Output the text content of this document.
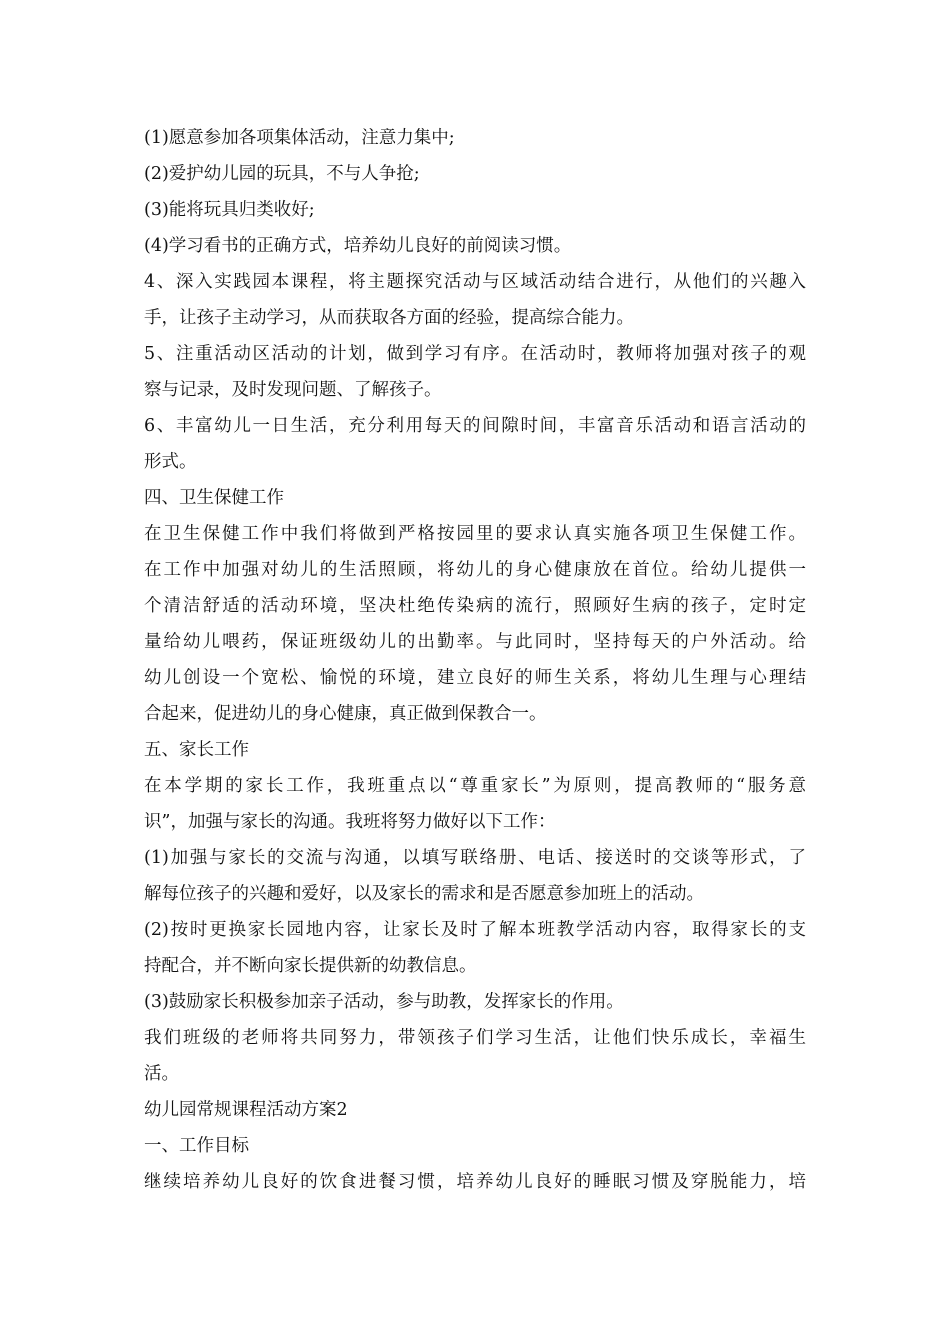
(1)愿意参加各项集体活动，注意力集中;
(2)爱护幼儿园的玩具，不与人争抢;
(3)能将玩具归类收好;
(4)学习看书的正确方式，培养幼儿良好的前阅读习惯。
4、深入实践园本课程，将主题探究活动与区域活动结合进行，从他们的兴趣入
手，让孩子主动学习，从而获取各方面的经验，提高综合能力。
5、注重活动区活动的计划，做到学习有序。在活动时，教师将加强对孩子的观
察与记录，及时发现问题、了解孩子。
6、丰富幼儿一日生活，充分利用每天的间隙时间，丰富音乐活动和语言活动的
形式。
四、卫生保健工作
在卫生保健工作中我们将做到严格按园里的要求认真实施各项卫生保健工作。
在工作中加强对幼儿的生活照顾，将幼儿的身心健康放在首位。给幼儿提供一
个清洁舒适的活动环境，坚决杜绝传染病的流行，照顾好生病的孩子，定时定
量给幼儿喂药，保证班级幼儿的出勤率。与此同时，坚持每天的户外活动。给
幼儿创设一个宽松、愉悦的环境，建立良好的师生关系，将幼儿生理与心理结
合起来，促进幼儿的身心健康，真正做到保教合一。
五、家长工作
在本学期的家长工作，我班重点以“尊重家长”为原则，提高教师的“服务意
识”，加强与家长的沟通。我班将努力做好以下工作：
(1)加强与家长的交流与沟通，以填写联络册、电话、接送时的交谈等形式，了
解每位孩子的兴趣和爱好，以及家长的需求和是否愿意参加班上的活动。
(2)按时更换家长园地内容，让家长及时了解本班教学活动内容，取得家长的支
持配合，并不断向家长提供新的幼教信息。
(3)鼓励家长积极参加亲子活动，参与助教，发挥家长的作用。
我们班级的老师将共同努力，带领孩子们学习生活，让他们快乐成长，幸福生
活。
幼儿园常规课程活动方案2
一、工作目标
继续培养幼儿良好的饮食进餐习惯，培养幼儿良好的睡眠习惯及穿脱能力，培
